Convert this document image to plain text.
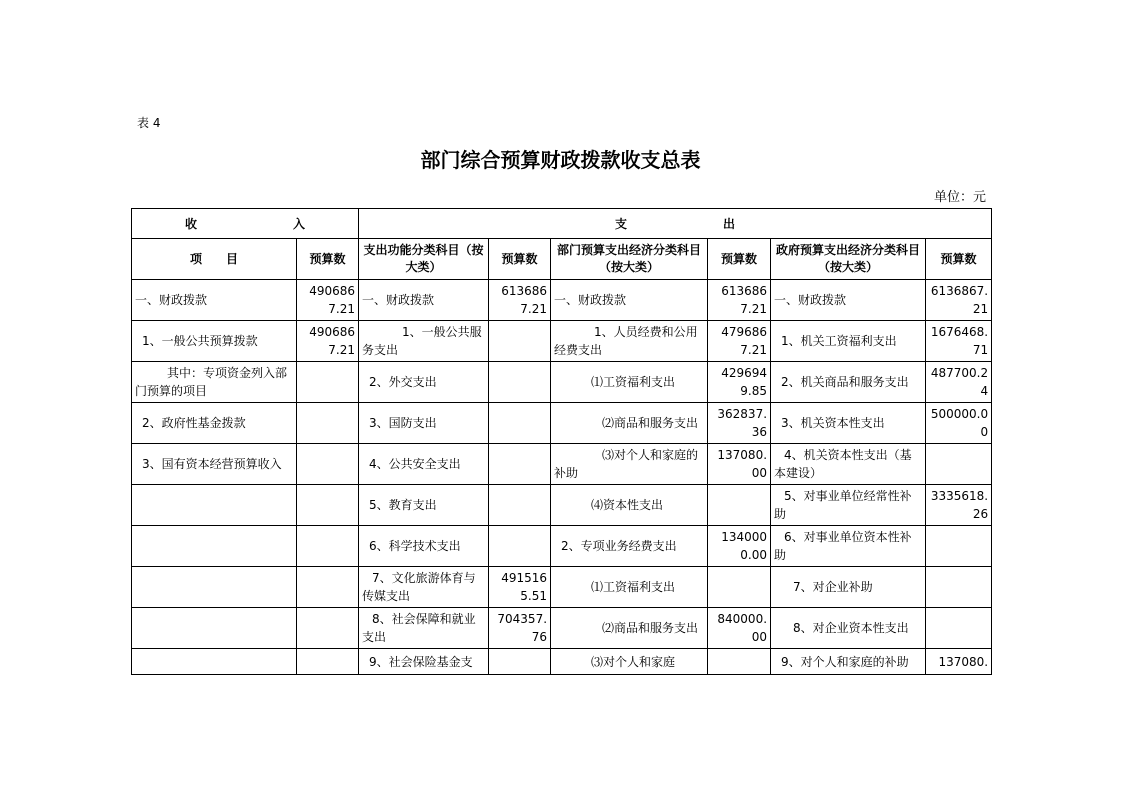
表 4
部门综合预算财政拨款收支总表
单位：元
收　　　　　　　　入		支　　　　　　　　出					
项　　目	预算数	支出功能分类科目（按大类）	预算数	部门预算支出经济分类科目（按大类）	预算数	政府预算支出经济分类科目（按大类）	预算数
一、财政拨款	4906867.21	一、财政拨款	6136867.21	一、财政拨款	6136867.21	一、财政拨款	6136867.21
1、一般公共预算拨款	4906867.21	1、一般公共服务支出		1、人员经费和公用经费支出	4796867.21	1、机关工资福利支出	1676468.71
其中：专项资金列入部门预算的项目		2、外交支出		⑴工资福利支出	4296949.85	2、机关商品和服务支出	487700.24
2、政府性基金拨款		3、国防支出		⑵商品和服务支出	362837.36	3、机关资本性支出	500000.00
3、国有资本经营预算收入		4、公共安全支出		⑶对个人和家庭的补助	137080.00	4、机关资本性支出（基本建设）	
		5、教育支出		⑷资本性支出		5、对事业单位经常性补助	3335618.26
		6、科学技术支出		2、专项业务经费支出	1340000.00	6、对事业单位资本性补助	
		7、文化旅游体育与传媒支出	4915165.51	⑴工资福利支出		7、对企业补助	
		8、社会保障和就业支出	704357.76	⑵商品和服务支出	840000.00	8、对企业资本性支出	
		9、社会保险基金支		⑶对个人和家庭		9、对个人和家庭的补助	137080.
